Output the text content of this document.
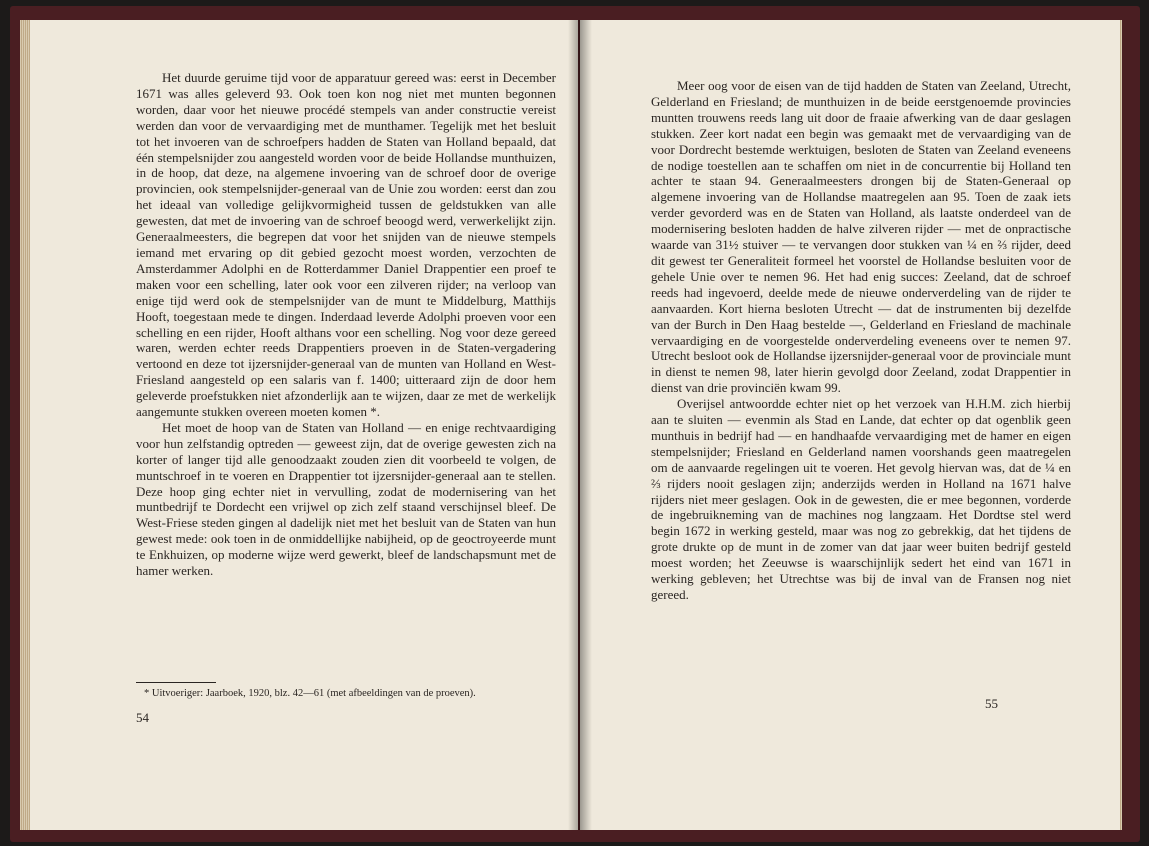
Het duurde geruime tijd voor de apparatuur gereed was: eerst in December 1671 was alles geleverd 93. Ook toen kon nog niet met munten begonnen worden, daar voor het nieuwe procédé stempels van ander constructie vereist werden dan voor de vervaardiging met de munthamer. Tegelijk met het besluit tot het invoeren van de schroefpers hadden de Staten van Holland bepaald, dat één stempelsnijder zou aangesteld worden voor de beide Hollandse munthuizen, in de hoop, dat deze, na algemene invoering van de schroef door de overige provincien, ook stempelsnijder-generaal van de Unie zou worden: eerst dan zou het ideaal van volledige gelijkvormigheid tussen de geldstukken van alle gewesten, dat met de invoering van de schroef beoogd werd, verwerkelijkt zijn. Generaalmeesters, die begrepen dat voor het snijden van de nieuwe stempels iemand met ervaring op dit gebied gezocht moest worden, verzochten de Amsterdammer Adolphi en de Rotterdammer Daniel Drappentier een proef te maken voor een schelling, later ook voor een zilveren rijder; na verloop van enige tijd werd ook de stempelsnijder van de munt te Middelburg, Matthijs Hooft, toegestaan mede te dingen. Inderdaad leverde Adolphi proeven voor een schelling en een rijder, Hooft althans voor een schelling. Nog voor deze gereed waren, werden echter reeds Drappentiers proeven in de Staten-vergadering vertoond en deze tot ijzersnijder-generaal van de munten van Holland en West-Friesland aangesteld op een salaris van f. 1400; uitteraard zijn de door hem geleverde proefstukken niet afzonderlijk aan te wijzen, daar ze met de werkelijk aangemunte stukken overeen moeten komen *.

Het moet de hoop van de Staten van Holland — en enige rechtvaardiging voor hun zelfstandig optreden — geweest zijn, dat de overige gewesten zich na korter of langer tijd alle genoodzaakt zouden zien dit voorbeeld te volgen, de muntschroef in te voeren en Drappentier tot ijzersnijder-generaal aan te stellen. Deze hoop ging echter niet in vervulling, zodat de modernisering van het muntbedrijf te Dordecht een vrijwel op zich zelf staand verschijnsel bleef. De West-Friese steden gingen al dadelijk niet met het besluit van de Staten van hun gewest mede: ook toen in de onmiddellijke nabijheid, op de geoctroyeerde munt te Enkhuizen, op moderne wijze werd gewerkt, bleef de landschapsmunt met de hamer werken.

* Uitvoeriger: Jaarboek, 1920, blz. 42—61 (met afbeeldingen van de proeven).
54

Meer oog voor de eisen van de tijd hadden de Staten van Zeeland, Utrecht, Gelderland en Friesland; de munthuizen in de beide eerstgenoemde provincies muntten trouwens reeds lang uit door de fraaie afwerking van de daar geslagen stukken. Zeer kort nadat een begin was gemaakt met de vervaardiging van de voor Dordrecht bestemde werktuigen, besloten de Staten van Zeeland eveneens de nodige toestellen aan te schaffen om niet in de concurrentie bij Holland ten achter te staan 94. Generaalmeesters drongen bij de Staten-Generaal op algemene invoering van de Hollandse maatregelen aan 95. Toen de zaak iets verder gevorderd was en de Staten van Holland, als laatste onderdeel van de modernisering besloten hadden de halve zilveren rijder — met de onpractische waarde van 31½ stuiver — te vervangen door stukken van ¼ en ⅔ rijder, deed dit gewest ter Generaliteit formeel het voorstel de Hollandse besluiten voor de gehele Unie over te nemen 96. Het had enig succes: Zeeland, dat de schroef reeds had ingevoerd, deelde mede de nieuwe onderverdeling van de rijder te aanvaarden. Kort hierna besloten Utrecht — dat de instrumenten bij dezelfde van der Burch in Den Haag bestelde —, Gelderland en Friesland de machinale vervaardiging en de voorgestelde onderverdeling eveneens over te nemen 97. Utrecht besloot ook de Hollandse ijzersnijder-generaal voor de provinciale munt in dienst te nemen 98, later hierin gevolgd door Zeeland, zodat Drappentier in dienst van drie provinciën kwam 99.

Overijsel antwoordde echter niet op het verzoek van H.H.M. zich hierbij aan te sluiten — evenmin als Stad en Lande, dat echter op dat ogenblik geen munthuis in bedrijf had — en handhaafde vervaardiging met de hamer en eigen stempelsnijder; Friesland en Gelderland namen voorshands geen maatregelen om de aanvaarde regelingen uit te voeren. Het gevolg hiervan was, dat de ¼ en ⅔ rijders nooit geslagen zijn; anderzijds werden in Holland na 1671 halve rijders niet meer geslagen. Ook in de gewesten, die er mee begonnen, vorderde de ingebruikneming van de machines nog langzaam. Het Dordtse stel werd begin 1672 in werking gesteld, maar was nog zo gebrekkig, dat het tijdens de grote drukte op de munt in de zomer van dat jaar weer buiten bedrijf gesteld moest worden; het Zeeuwse is waarschijnlijk sedert het eind van 1671 in werking gebleven; het Utrechtse was bij de inval van de Fransen nog niet gereed.

55
